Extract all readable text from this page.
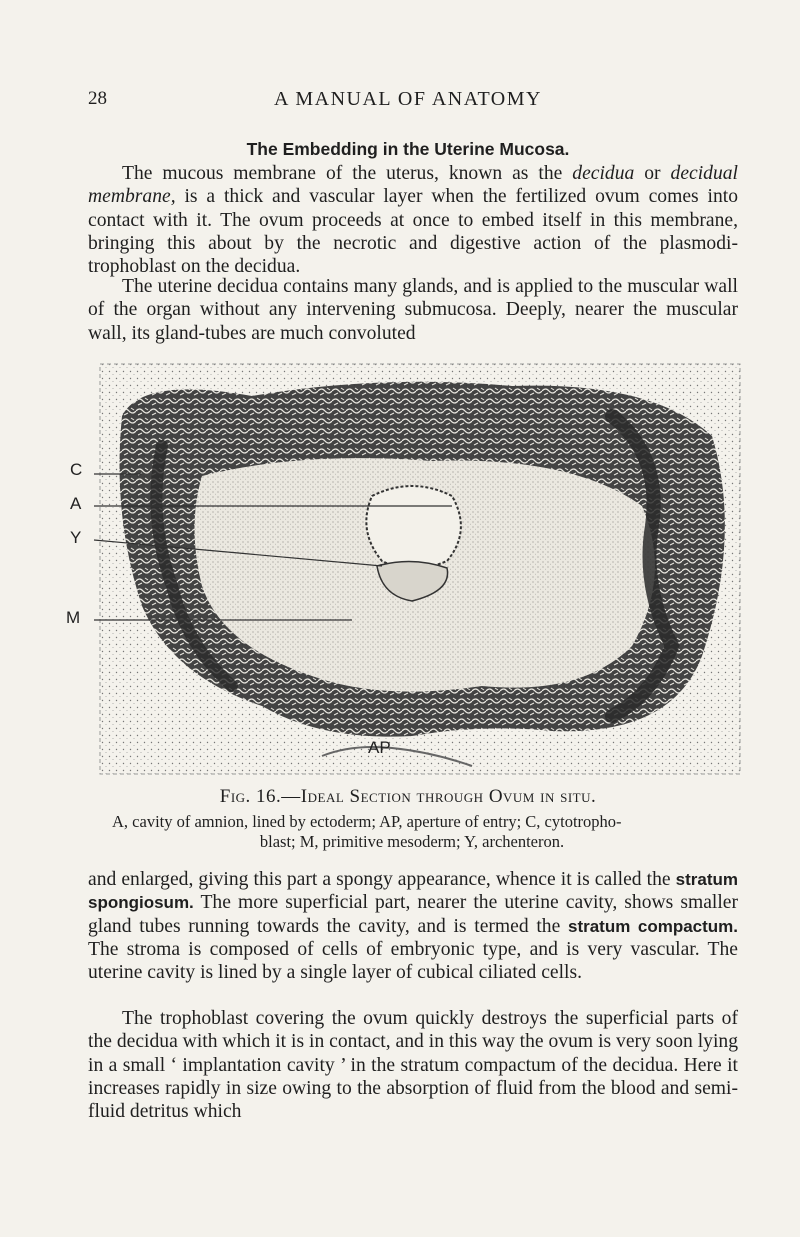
28	A MANUAL OF ANATOMY
The Embedding in the Uterine Mucosa.

The mucous membrane of the uterus, known as the decidua or decidual membrane, is a thick and vascular layer when the fertilized ovum comes into contact with it. The ovum proceeds at once to embed itself in this membrane, bringing this about by the necrotic and digestive action of the plasmodi-trophoblast on the decidua.

The uterine decidua contains many glands, and is applied to the muscular wall of the organ without any intervening submucosa. Deeply, nearer the muscular wall, its gland-tubes are much convoluted

C
A
Y
M
AP
Fig. 16.—Ideal Section through Ovum in situ.

A, cavity of amnion, lined by ectoderm; AP, aperture of entry; C, cytotropho-
blast; M, primitive mesoderm; Y, archenteron.

and enlarged, giving this part a spongy appearance, whence it is called the stratum spongiosum. The more superficial part, nearer the uterine cavity, shows smaller gland tubes running towards the cavity, and is termed the stratum compactum. The stroma is composed of cells of embryonic type, and is very vascular. The uterine cavity is lined by a single layer of cubical ciliated cells.

The trophoblast covering the ovum quickly destroys the superficial parts of the decidua with which it is in contact, and in this way the ovum is very soon lying in a small ‘ implantation cavity ’ in the stratum compactum of the decidua. Here it increases rapidly in size owing to the absorption of fluid from the blood and semi-fluid detritus which
